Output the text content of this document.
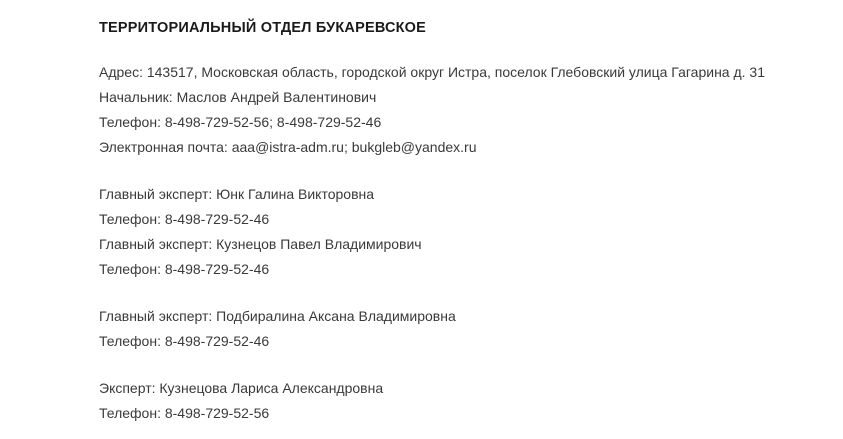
ТЕРРИТОРИАЛЬНЫЙ ОТДЕЛ БУКАРЕВСКОЕ
Адрес: 143517, Московская область, городской округ Истра, поселок Глебовский улица Гагарина д. 31
Начальник: Маслов Андрей Валентинович
Телефон: 8-498-729-52-56; 8-498-729-52-46
Электронная почта: aaa@istra-adm.ru; bukgleb@yandex.ru
Главный эксперт: Юнк Галина Викторовна
Телефон: 8-498-729-52-46
Главный эксперт: Кузнецов Павел Владимирович
Телефон: 8-498-729-52-46
Главный эксперт: Подбиралина Аксана Владимировна
Телефон: 8-498-729-52-46
Эксперт: Кузнецова Лариса Александровна
Телефон: 8-498-729-52-56
